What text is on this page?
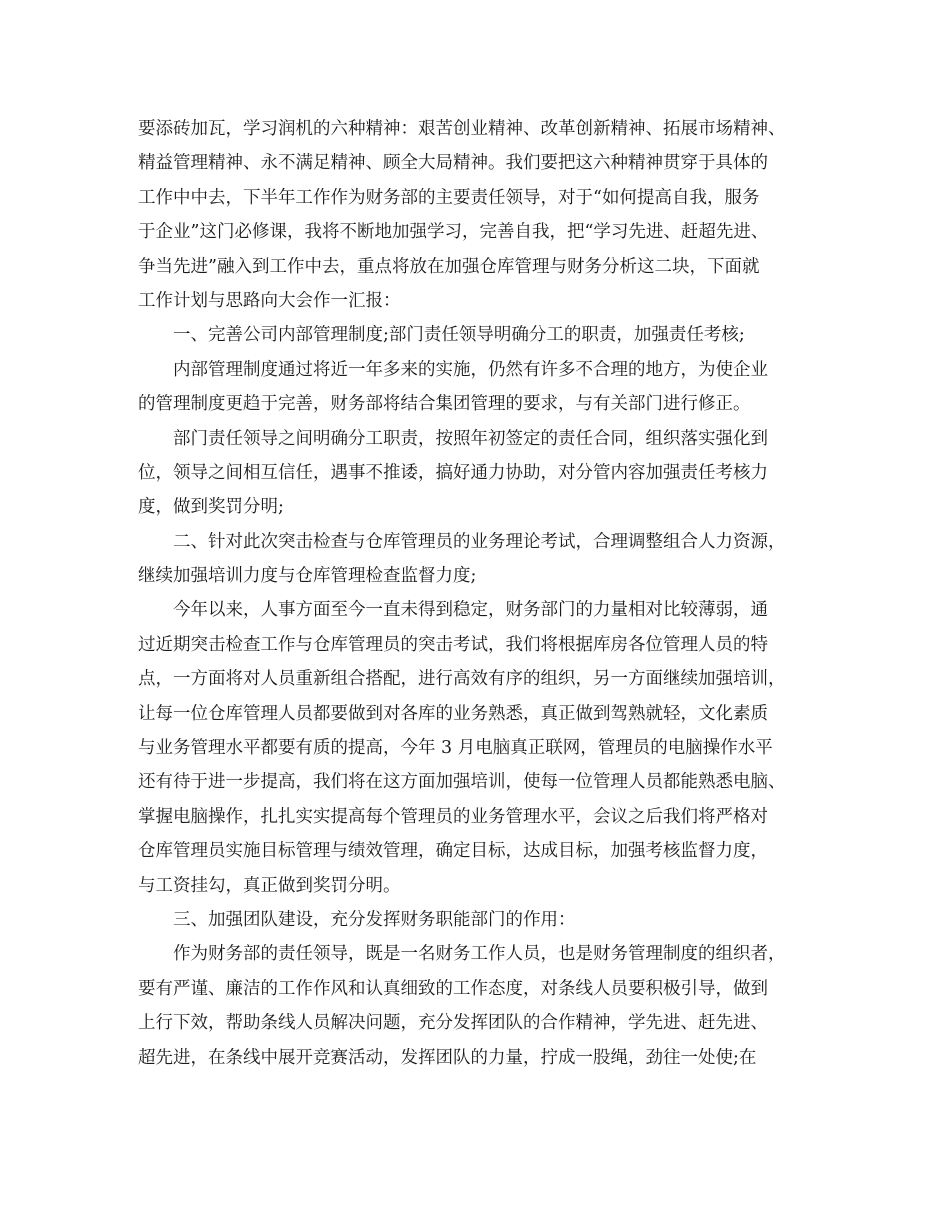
要添砖加瓦，学习润机的六种精神：艰苦创业精神、改革创新精神、拓展市场精神、
精益管理精神、永不满足精神、顾全大局精神。我们要把这六种精神贯穿于具体的
工作中中去，下半年工作作为财务部的主要责任领导，对于“如何提高自我，服务
于企业”这门必修课，我将不断地加强学习，完善自我，把“学习先进、赶超先进、
争当先进”融入到工作中去，重点将放在加强仓库管理与财务分析这二块，下面就
工作计划与思路向大会作一汇报：
一、完善公司内部管理制度;部门责任领导明确分工的职责，加强责任考核;
内部管理制度通过将近一年多来的实施，仍然有许多不合理的地方，为使企业
的管理制度更趋于完善，财务部将结合集团管理的要求，与有关部门进行修正。
部门责任领导之间明确分工职责，按照年初签定的责任合同，组织落实强化到
位，领导之间相互信任，遇事不推诿，搞好通力协助，对分管内容加强责任考核力
度，做到奖罚分明;
二、针对此次突击检查与仓库管理员的业务理论考试，合理调整组合人力资源，
继续加强培训力度与仓库管理检查监督力度;
今年以来，人事方面至今一直未得到稳定，财务部门的力量相对比较薄弱，通
过近期突击检查工作与仓库管理员的突击考试，我们将根据库房各位管理人员的特
点，一方面将对人员重新组合搭配，进行高效有序的组织，另一方面继续加强培训，
让每一位仓库管理人员都要做到对各库的业务熟悉，真正做到驾熟就轻，文化素质
与业务管理水平都要有质的提高，今年 3 月电脑真正联网，管理员的电脑操作水平
还有待于进一步提高，我们将在这方面加强培训，使每一位管理人员都能熟悉电脑、
掌握电脑操作，扎扎实实提高每个管理员的业务管理水平，会议之后我们将严格对
仓库管理员实施目标管理与绩效管理，确定目标，达成目标，加强考核监督力度，
与工资挂勾，真正做到奖罚分明。
三、加强团队建设，充分发挥财务职能部门的作用：
作为财务部的责任领导，既是一名财务工作人员，也是财务管理制度的组织者，
要有严谨、廉洁的工作作风和认真细致的工作态度，对条线人员要积极引导，做到
上行下效，帮助条线人员解决问题，充分发挥团队的合作精神，学先进、赶先进、
超先进，在条线中展开竞赛活动，发挥团队的力量，拧成一股绳，劲往一处使;在
